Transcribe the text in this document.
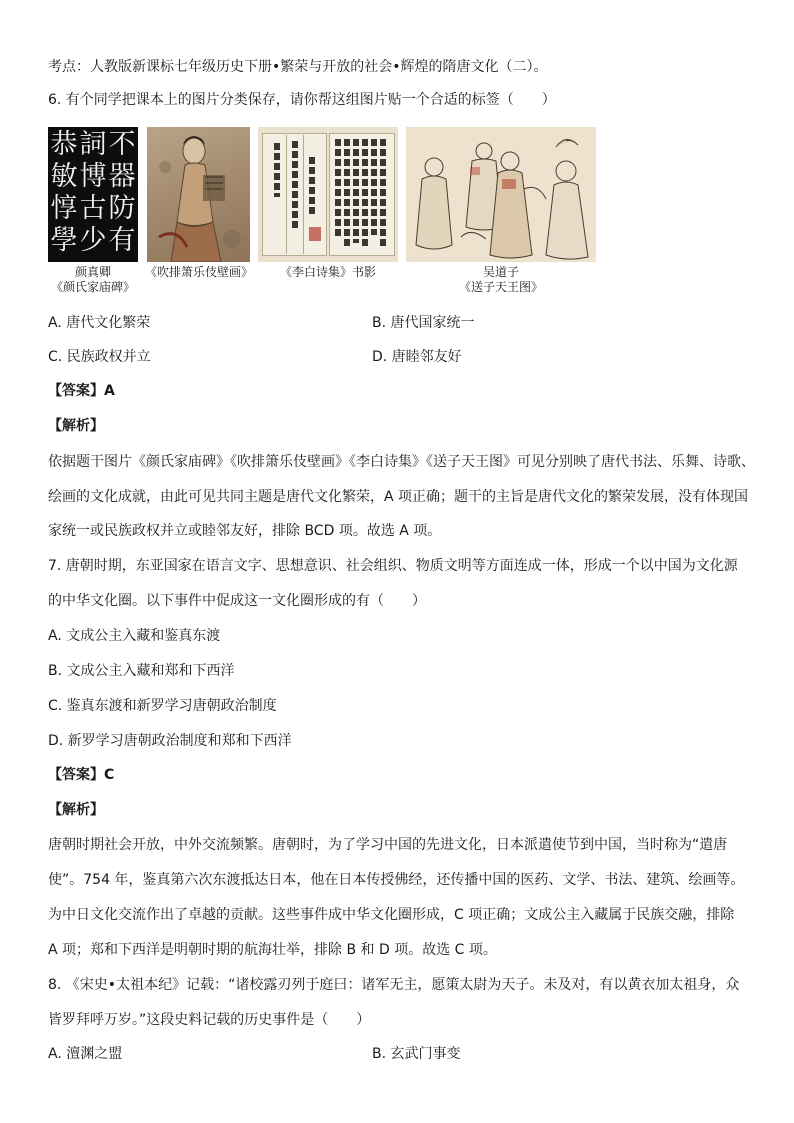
考点：人教版新课标七年级历史下册•繁荣与开放的社会•辉煌的隋唐文化（二）。
6. 有个同学把课本上的图片分类保存，请你帮这组图片贴一个合适的标签（　　）
不
器
防
有
詞
博
古
少
恭
敏
惇
學
颜真卿
《颜氏家庙碑》
《吹排箫乐伎壁画》	《李白诗集》书影	吴道子
《送子天王图》
A. 唐代文化繁荣	B. 唐代国家统一
C. 民族政权并立	D. 唐睦邻友好
【答案】A
【解析】
依据题干图片《颜氏家庙碑》《吹排箫乐伎壁画》《李白诗集》《送子天王图》可见分别映了唐代书法、乐舞、诗歌、
绘画的文化成就，由此可见共同主题是唐代文化繁荣，A 项正确；题干的主旨是唐代文化的繁荣发展，没有体现国
家统一或民族政权并立或睦邻友好，排除 BCD 项。故选 A 项。
7. 唐朝时期，东亚国家在语言文字、思想意识、社会组织、物质文明等方面连成一体，形成一个以中国为文化源
的中华文化圈。以下事件中促成这一文化圈形成的有（　　）
A. 文成公主入藏和鉴真东渡
B. 文成公主入藏和郑和下西洋
C. 鉴真东渡和新罗学习唐朝政治制度
D. 新罗学习唐朝政治制度和郑和下西洋
【答案】C
【解析】
唐朝时期社会开放，中外交流频繁。唐朝时，为了学习中国的先进文化，日本派遣使节到中国，当时称为“遣唐
使”。754 年，鉴真第六次东渡抵达日本，他在日本传授佛经，还传播中国的医药、文学、书法、建筑、绘画等。
为中日文化交流作出了卓越的贡献。这些事件成中华文化圈形成，C 项正确；文成公主入藏属于民族交融，排除
A 项；郑和下西洋是明朝时期的航海壮举，排除 B 和 D 项。故选 C 项。
8. 《宋史•太祖本纪》记载：“诸校露刃列于庭曰：诸军无主，愿策太尉为天子。未及对，有以黄衣加太祖身，众
皆罗拜呼万岁。”这段史料记载的历史事件是（　　）
A. 澶渊之盟	B. 玄武门事变
